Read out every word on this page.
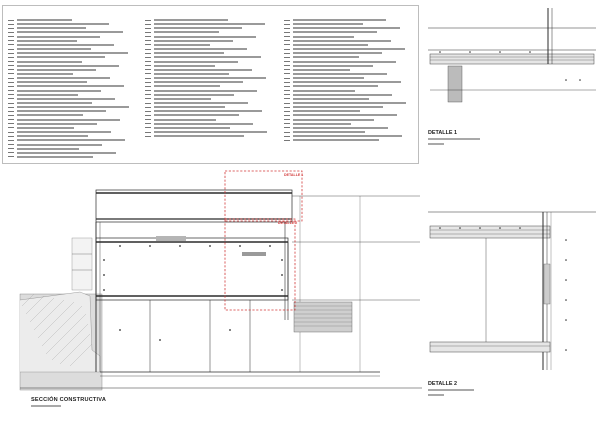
DETALLE 1
DETALLE 2
SECCIÓN CONSTRUCTIVA
DETALLE 1
DETALLE 2
